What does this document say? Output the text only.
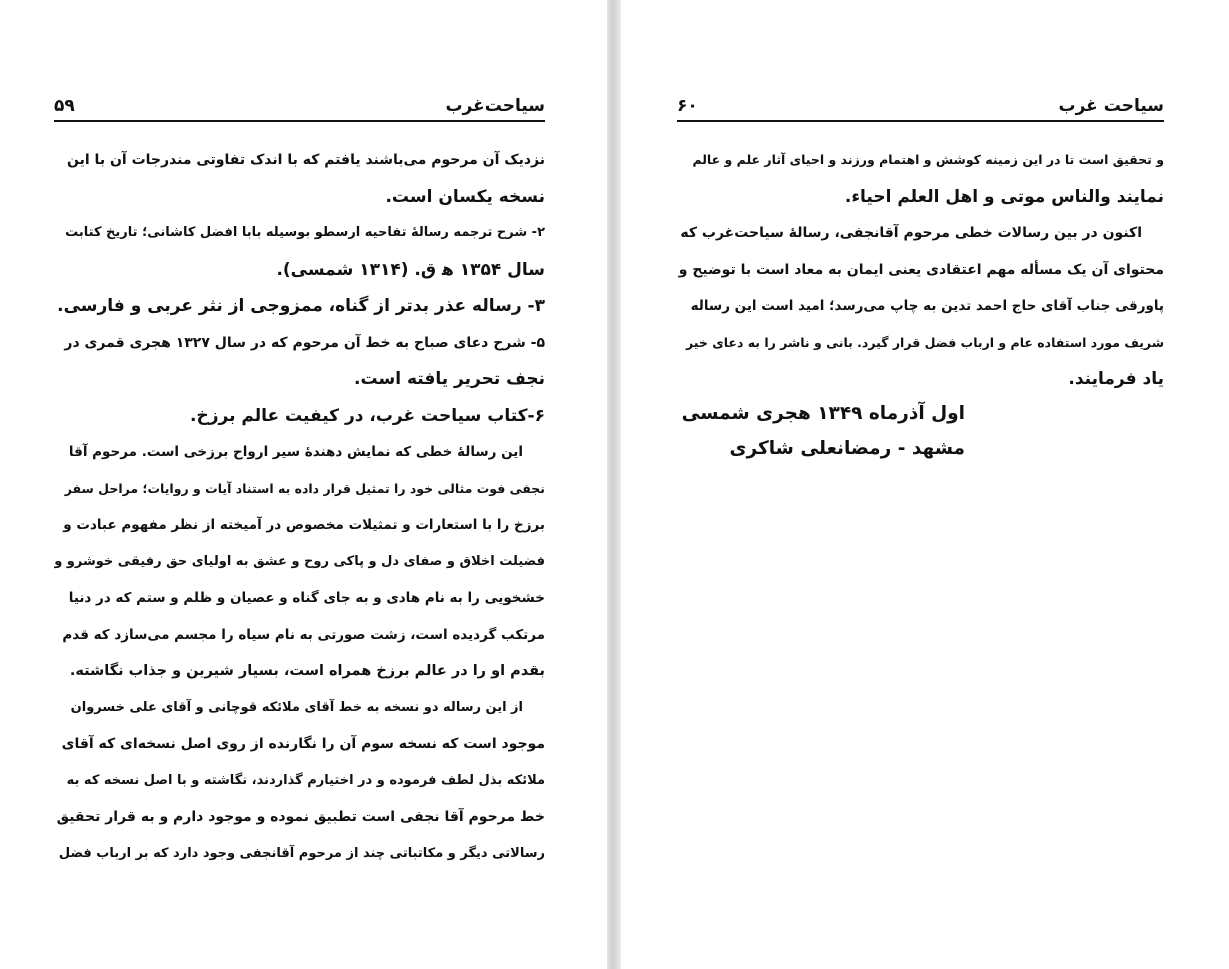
سیاحت‌غرب
۵۹
نزدیک آن مرحوم می‌باشند یافتم که با اندک تفاوتی مندرجات آن با این
نسخه یکسان است.
۲- شرح ترجمه رسالهٔ تفاحیه ارسطو بوسیله بابا افضل کاشانی؛ تاریخ کتابت
سال ۱۳۵۴ ه‍ ق. (۱۳۱۴ شمسی).
۳- رساله عذر بدتر از گناه، ممزوجی از نثر عربی و فارسی.
۵- شرح دعای صباح به خط آن مرحوم که در سال ۱۳۲۷ هجری قمری در
نجف تحریر یافته است.
۶-کتاب سیاحت غرب، در کیفیت عالم برزخ.
این رسالهٔ خطی که نمایش دهندهٔ سیر ارواح برزخی است. مرحوم آقا
نجفی فوت مثالی خود را تمثیل قرار داده به استناد آیات و روایات؛ مراحل سفر
برزخ را با استعارات و تمثیلات مخصوص در آمیخته از نظر مفهوم عبادت و
فضیلت اخلاق و صفای دل و پاکی روح و عشق به اولیای حق رفیقی خوشرو و
خشخویی را به نام هادی و به جای گناه و عصیان و ظلم و ستم که در دنیا
مرتکب گردیده است، زشت صورتی به نام سیاه را مجسم می‌سازد که قدم
بقدم او را در عالم برزخ همراه است، بسیار شیرین و جذاب نگاشته.
از این رساله دو نسخه به خط آقای ملائکه قوچانی و آقای علی خسروان
موجود است که نسخه سوم آن را نگارنده از روی اصل نسخه‌ای که آقای
ملائکه بذل لطف فرموده و در اختیارم گذاردند، نگاشته و با اصل نسخه که به
خط مرحوم آقا نجفی است تطبیق نموده و موجود دارم و به قرار تحقیق
رسالاتی دیگر و مکاتباتی چند از مرحوم آقانجفی وجود دارد که بر ارباب فضل
سیاحت غرب
۶۰
و تحقیق است تا در این زمینه کوشش و اهتمام ورزند و احیای آثار علم و عالم
نمایند والناس موتی و اهل العلم احیاء.
اکنون در بین رسالات خطی مرحوم آقانجفی، رسالهٔ سیاحت‌غرب که
محتوای آن یک مسأله مهم اعتقادی یعنی ایمان به معاد است با توضیح و
پاورقی جناب آقای حاج احمد تدین به چاپ می‌رسد؛ امید است این رساله
شریف مورد استفاده عام و ارباب فضل قرار گیرد. بانی و ناشر را به دعای خیر
یاد فرمایند.
اول آذرماه ۱۳۴۹ هجری شمسی
مشهد - رمضانعلی شاکری
